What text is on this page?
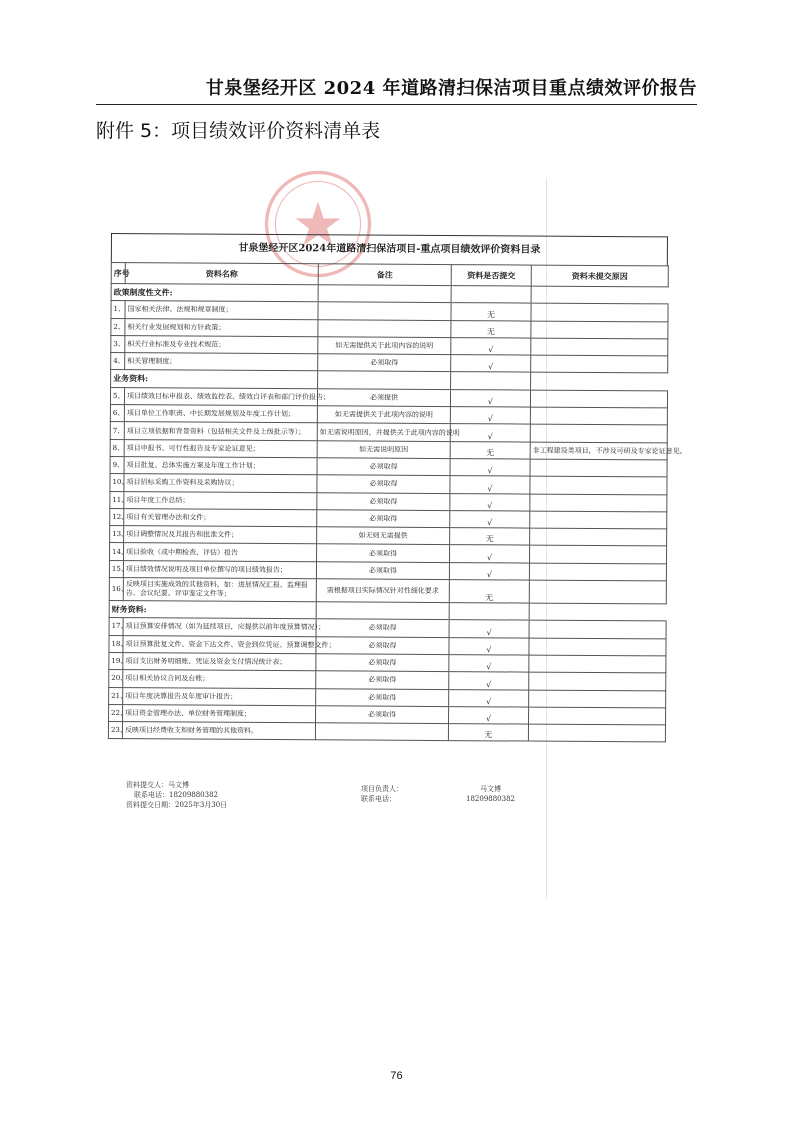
甘泉堡经开区 2024 年道路清扫保洁项目重点绩效评价报告
附件 5：项目绩效评价资料清单表
甘泉堡经开区2024年道路清扫保洁项目-重点项目绩效评价资料目录
序号	资料名称	备注	资料是否提交	资料未提交原因
政策制度性文件:				
1、	国家相关法律、法规和规章制度；		无	
2、	相关行业发展规划和方针政策；		无	
3、	相关行业标准及专业技术规范；	如无需提供关于此项内容的说明	√	
4、	相关管理制度；	必须取得	√	
业务资料:				
5、	项目绩效目标申报表、绩效监控表、绩效自评表和部门评价报告；	必须提供	√	
6、	项目单位工作职责、中长期发展规划及年度工作计划；	如无需提供关于此项内容的说明	√	
7、	项目立项依据和背景资料（包括相关文件及上级批示等）；	如无需说明原因，并提供关于此项内容的说明	√	
8、	项目申报书、可行性报告及专家论证意见；	如无需说明原因	无	非工程建设类项目，不涉及可研及专家论证意见。
9、	项目批复、总体实施方案及年度工作计划；	必须取得	√	
10、	项目招标采购工作资料及采购协议；	必须取得	√	
11、	项目年度工作总结；	必须取得	√	
12、	项目有关管理办法和文件；	必须取得	√	
13、	项目调整情况及其报告和批准文件；	如无则无需提供	无	
14、	项目验收（或中期检查、评估）报告	必须取得	√	
15、	项目绩效情况说明及项目单位撰写的项目绩效报告；	必须取得	√	
16、	反映项目实施成效的其他资料，如：进展情况汇报、监理报告、会议纪要、评审鉴定文件等；	需根据项目实际情况针对性细化要求	无	
财务资料:				
17、	项目预算安排情况（如为延续项目，应提供以前年度预算情况）；	必须取得	√	
18、	项目预算批复文件、资金下达文件、资金到位凭证、预算调整文件；	必须取得	√	
19、	项目支出财务明细账、凭证及资金支付情况统计表；	必须取得	√	
20、	项目相关协议合同及台账；	必须取得	√	
21、	项目年度决算报告及年度审计报告；	必须取得	√	
22、	项目资金管理办法、单位财务管理制度；	必须取得	√	
23、	反映项目经费收支和财务管理的其他资料。		无	
资料提交人：马文博
联系电话：18209880382
资料提交日期：2025年3月30日
项目负责人：
联系电话：
马文博
18209880382
76
